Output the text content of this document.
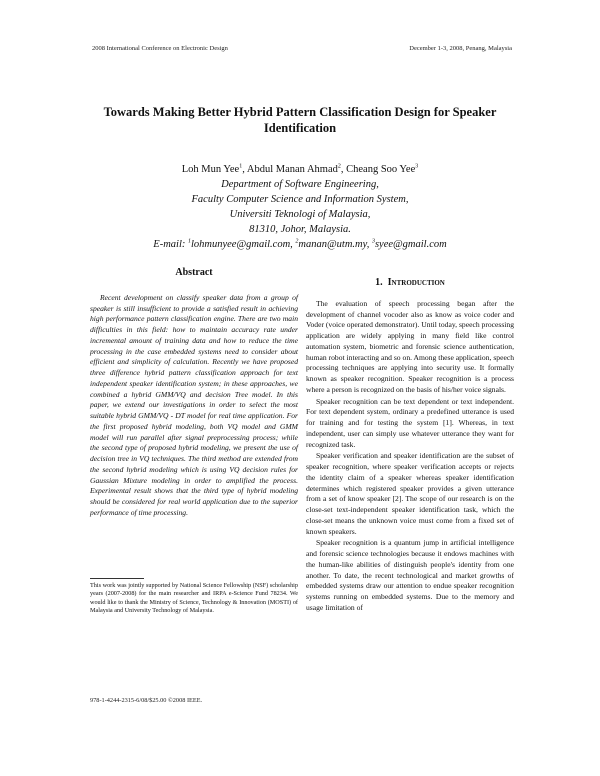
2008 International Conference on Electronic Design	December 1-3, 2008, Penang, Malaysia
Towards Making Better Hybrid Pattern Classification Design for Speaker Identification
Loh Mun Yee$^1$, Abdul Manan Ahmad$^2$, Cheang Soo Yee$^3$
Department of Software Engineering,
Faculty Computer Science and Information System,
Universiti Teknologi of Malaysia,
81310, Johor, Malaysia.
E-mail: $^1$lohmunyee@gmail.com, $^2$manan@utm.my, $^3$syee@gmail.com
Abstract

Recent development on classify speaker data from a group of speaker is still insufficient to provide a satisfied result in achieving high performance pattern classification engine. There are two main difficulties in this field: how to maintain accuracy rate under incremental amount of training data and how to reduce the time processing in the case embedded systems need to consider about efficient and simplicity of calculation. Recently we have proposed three difference hybrid pattern classification approach for text independent speaker identification system; in these approaches, we combined a hybrid GMM/VQ and decision Tree model. In this paper, we extend our investigations in order to select the most suitable hybrid GMM/VQ - DT model for real time application. For the first proposed hybrid modeling, both VQ model and GMM model will run parallel after signal preprocessing process; while the second type of proposed hybrid modeling, we present the use of decision tree in VQ techniques. The third method are extended from the second hybrid modeling which is using VQ decision rules for Gaussian Mixture modeling in order to amplified the process. Experimental result shows that the third type of hybrid modeling should be considered for real world application due to the superior performance of time processing.

This work was jointly supported by National Science Fellowship (NSF) scholarship years (2007-2008) for the main researcher and IRPA e-Science Fund 78234. We would like to thank the Ministry of Science, Technology & Innovation (MOSTI) of Malaysia and University Technology of Malaysia.
978-1-4244-2315-6/08/$25.00 ©2008 IEEE.
1. Introduction

The evaluation of speech processing began after the development of channel vocoder also as know as voice coder and Voder (voice operated demonstrator). Until today, speech processing application are widely applying in many field like control automation system, biometric and forensic science authentication, human robot interacting and so on. Among these application, speech processing techniques are applying into security use. It formally known as speaker recognition. Speaker recognition is a process where a person is recognized on the basis of his/her voice signals.

Speaker recognition can be text dependent or text independent. For text dependent system, ordinary a predefined utterance is used for training and for testing the system [1]. Whereas, in text independent, user can simply use whatever utterance they want for recognized task.

Speaker verification and speaker identification are the subset of speaker recognition, where speaker verification accepts or rejects the identity claim of a speaker whereas speaker identification determines which registered speaker provides a given utterance from a set of know speaker [2]. The scope of our research is on the close-set text-independent speaker identification task, which the close-set means the unknown voice must come from a fixed set of known speakers.

Speaker recognition is a quantum jump in artificial intelligence and forensic science technologies because it endows machines with the human-like abilities of distinguish people's identity from one another. To date, the recent technological and market growths of embedded systems draw our attention to endue speaker recognition systems running on embedded systems. Due to the memory and usage limitation of
